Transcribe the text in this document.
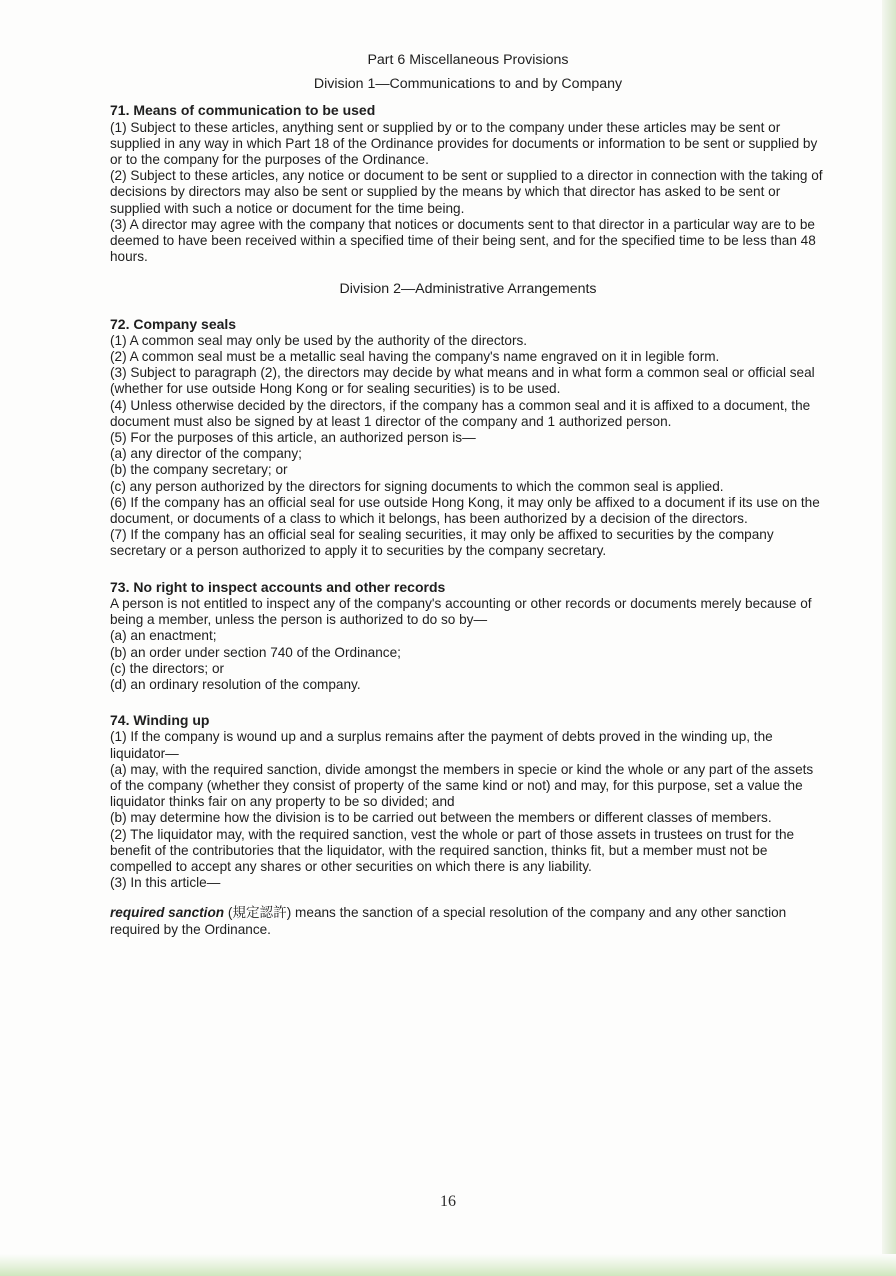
Part 6 Miscellaneous Provisions
Division 1—Communications to and by Company
71. Means of communication to be used

(1) Subject to these articles, anything sent or supplied by or to the company under these articles may be sent or supplied in any way in which Part 18 of the Ordinance provides for documents or information to be sent or supplied by or to the company for the purposes of the Ordinance.

(2) Subject to these articles, any notice or document to be sent or supplied to a director in connection with the taking of decisions by directors may also be sent or supplied by the means by which that director has asked to be sent or supplied with such a notice or document for the time being.

(3) A director may agree with the company that notices or documents sent to that director in a particular way are to be deemed to have been received within a specified time of their being sent, and for the specified time to be less than 48 hours.

Division 2—Administrative Arrangements
72. Company seals

(1) A common seal may only be used by the authority of the directors.

(2) A common seal must be a metallic seal having the company's name engraved on it in legible form.

(3) Subject to paragraph (2), the directors may decide by what means and in what form a common seal or official seal (whether for use outside Hong Kong or for sealing securities) is to be used.

(4) Unless otherwise decided by the directors, if the company has a common seal and it is affixed to a document, the document must also be signed by at least 1 director of the company and 1 authorized person.

(5) For the purposes of this article, an authorized person is—

(a) any director of the company;

(b) the company secretary; or

(c) any person authorized by the directors for signing documents to which the common seal is applied.

(6) If the company has an official seal for use outside Hong Kong, it may only be affixed to a document if its use on the document, or documents of a class to which it belongs, has been authorized by a decision of the directors.

(7) If the company has an official seal for sealing securities, it may only be affixed to securities by the company secretary or a person authorized to apply it to securities by the company secretary.

73. No right to inspect accounts and other records

A person is not entitled to inspect any of the company's accounting or other records or documents merely because of being a member, unless the person is authorized to do so by—

(a) an enactment;

(b) an order under section 740 of the Ordinance;

(c) the directors; or

(d) an ordinary resolution of the company.

74. Winding up

(1) If the company is wound up and a surplus remains after the payment of debts proved in the winding up, the liquidator—

(a) may, with the required sanction, divide amongst the members in specie or kind the whole or any part of the assets of the company (whether they consist of property of the same kind or not) and may, for this purpose, set a value the liquidator thinks fair on any property to be so divided; and

(b) may determine how the division is to be carried out between the members or different classes of members.

(2) The liquidator may, with the required sanction, vest the whole or part of those assets in trustees on trust for the benefit of the contributories that the liquidator, with the required sanction, thinks fit, but a member must not be compelled to accept any shares or other securities on which there is any liability.

(3) In this article—

required sanction (規定認許) means the sanction of a special resolution of the company and any other sanction required by the Ordinance.

16
